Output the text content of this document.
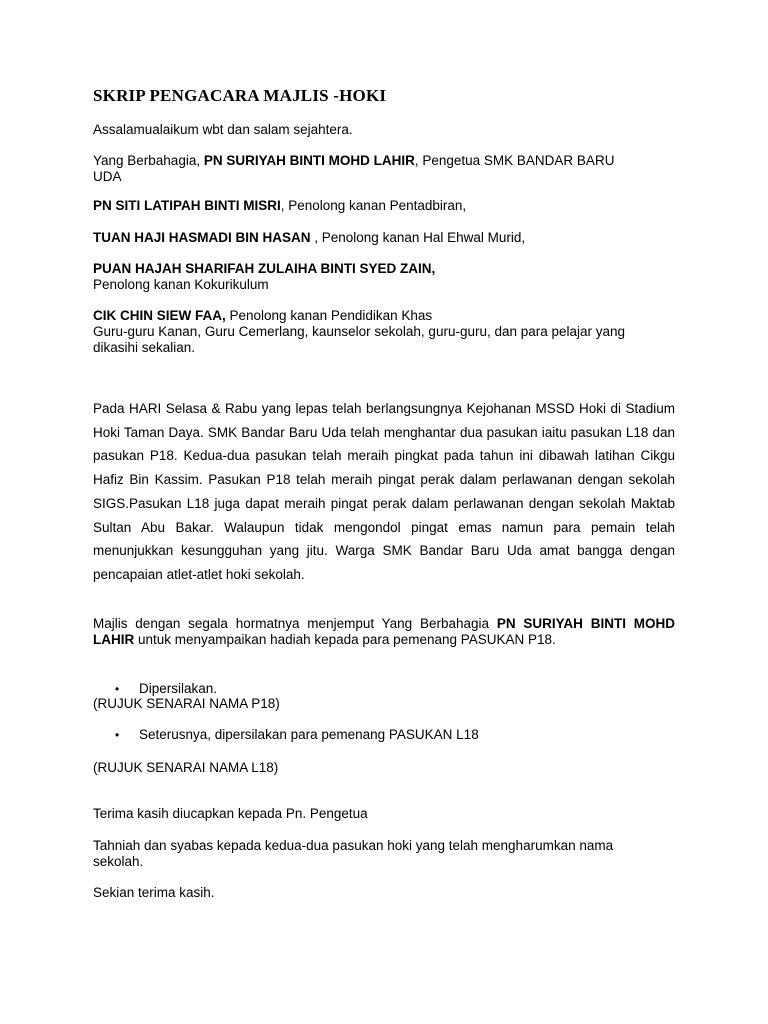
SKRIP PENGACARA MAJLIS -HOKI
Assalamualaikum wbt dan salam sejahtera.
Yang Berbahagia, PN SURIYAH BINTI MOHD LAHIR, Pengetua SMK BANDAR BARU
UDA
PN SITI LATIPAH BINTI MISRI, Penolong kanan Pentadbiran,
TUAN HAJI HASMADI BIN HASAN , Penolong kanan Hal Ehwal Murid,
PUAN HAJAH SHARIFAH ZULAIHA BINTI SYED ZAIN,
Penolong kanan Kokurikulum
CIK CHIN SIEW FAA, Penolong kanan Pendidikan Khas
Guru-guru Kanan, Guru Cemerlang, kaunselor sekolah, guru-guru, dan para pelajar yang
dikasihi sekalian.
Pada HARI Selasa & Rabu yang lepas telah berlangsungnya Kejohanan MSSD Hoki di Stadium Hoki Taman Daya. SMK Bandar Baru Uda telah menghantar dua pasukan iaitu pasukan L18 dan pasukan P18. Kedua-dua pasukan telah meraih pingkat pada tahun ini dibawah latihan Cikgu Hafiz Bin Kassim. Pasukan P18 telah meraih pingat perak dalam perlawanan dengan sekolah SIGS.Pasukan L18 juga dapat meraih pingat perak dalam perlawanan dengan sekolah Maktab Sultan Abu Bakar. Walaupun tidak mengondol pingat emas namun para pemain telah menunjukkan kesungguhan yang jitu. Warga SMK Bandar Baru Uda amat bangga dengan pencapaian atlet-atlet hoki sekolah.
Majlis dengan segala hormatnya menjemput Yang Berbahagia PN SURIYAH BINTI MOHD LAHIR untuk menyampaikan hadiah kepada para pemenang PASUKAN P18.
• Dipersilakan.
(RUJUK SENARAI NAMA P18)
• Seterusnya, dipersilakan para pemenang PASUKAN L18
(RUJUK SENARAI NAMA L18)
Terima kasih diucapkan kepada Pn. Pengetua
Tahniah dan syabas kepada kedua-dua pasukan hoki yang telah mengharumkan nama sekolah.
Sekian terima kasih.
